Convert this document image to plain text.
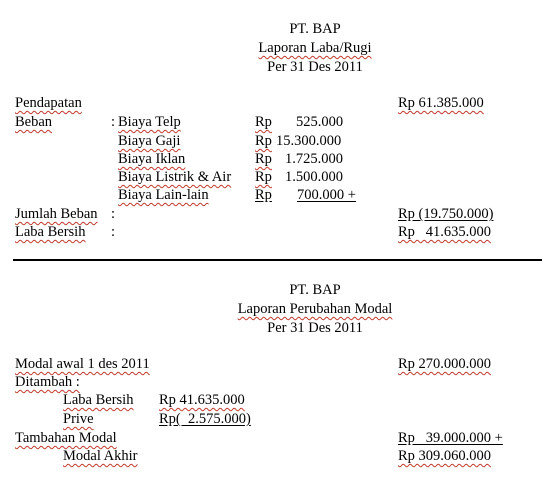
PT. BAP
Laporan Laba/Rugi
Per 31 Des 2011
Pendapatan	Rp 61.385.000
Beban	: Biaya Telp	Rp 525.000
Biaya Gaji	Rp 15.300.000
Biaya Iklan	Rp 1.725.000
Biaya Listrik & Air Rp 1.500.000
Biaya Lain-lain	Rp 700.000 +
Jumlah Beban :	Rp (19.750.000)
Laba Bersih :	Rp   41.635.000
PT. BAP
Laporan Perubahan Modal
Per 31 Des 2011
Modal awal 1 des 2011	Rp 270.000.000
Ditambah :
Laba Bersih Rp 41.635.000
Prive	Rp(  2.575.000)
Tambahan Modal	Rp   39.000.000 +
Modal Akhir	Rp 309.060.000
